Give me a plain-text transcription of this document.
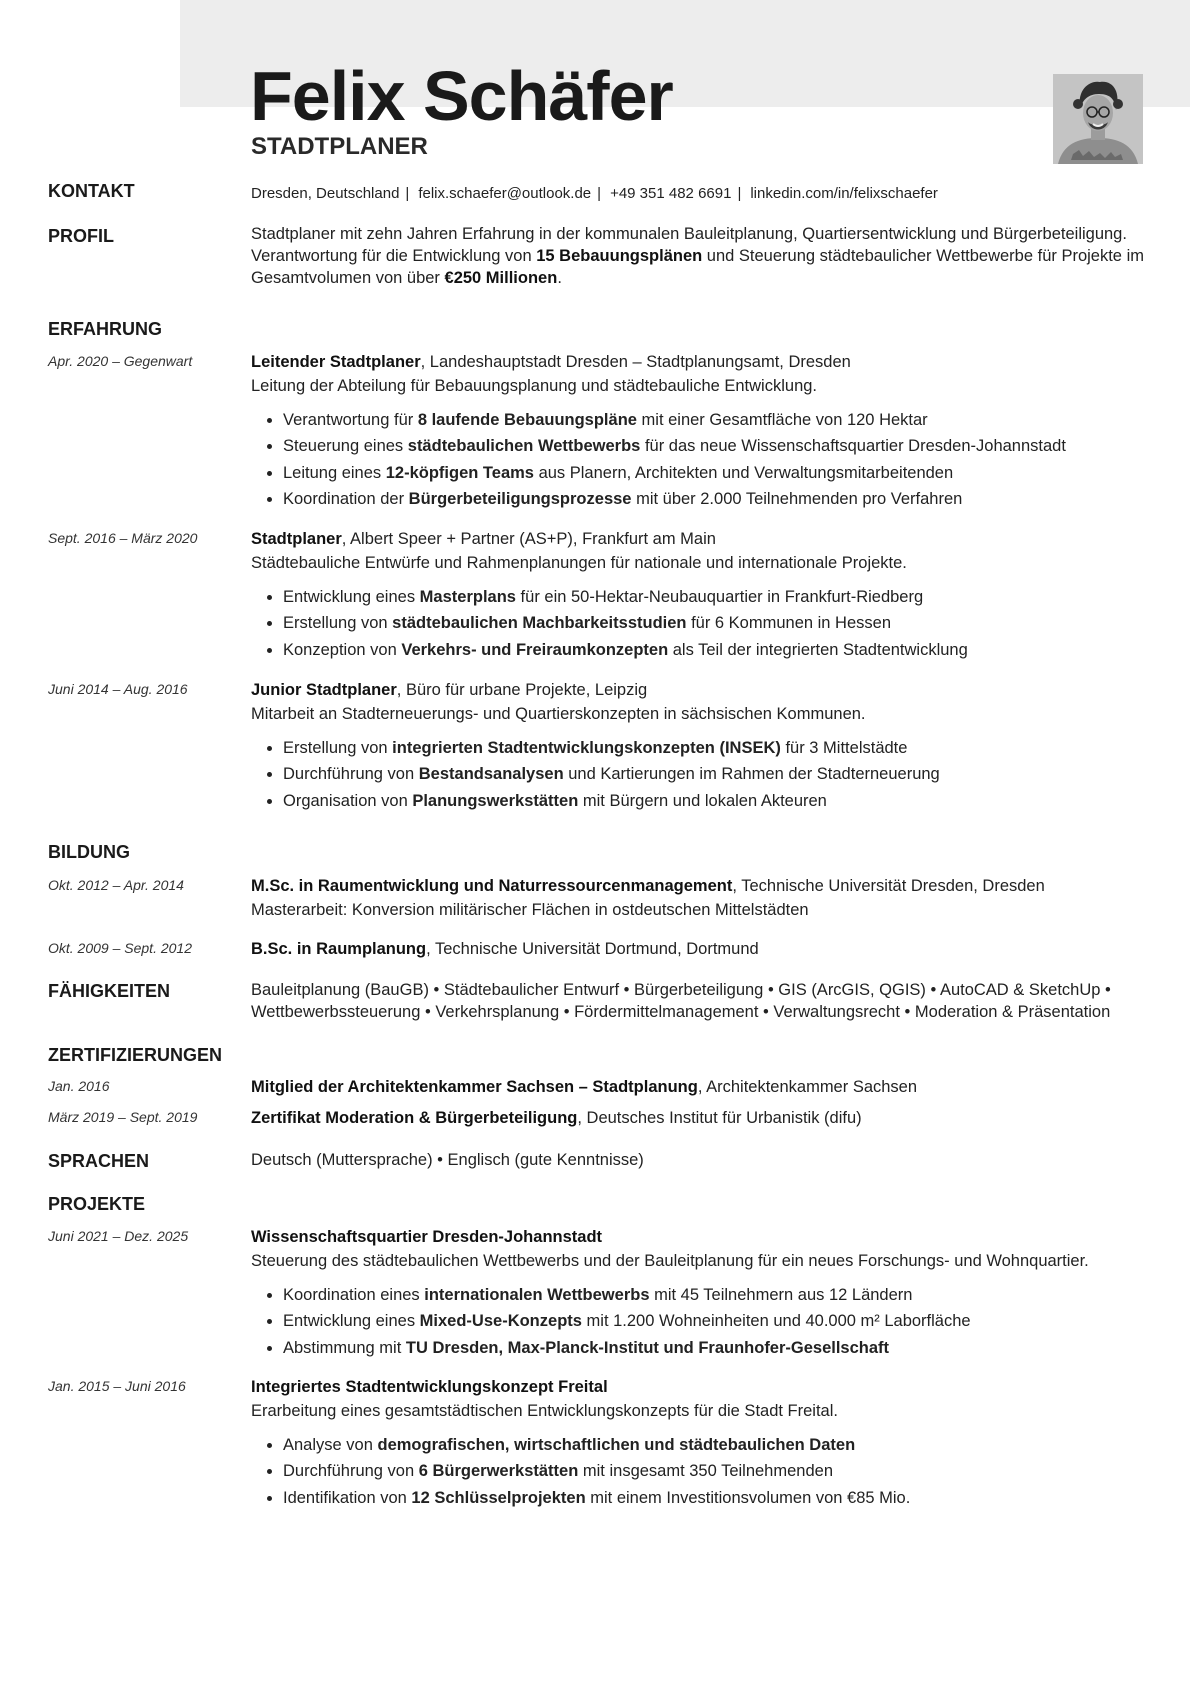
Felix Schäfer
STADTPLANER
KONTAKT	Dresden, Deutschland | felix.schaefer@outlook.de | +49 351 482 6691 | linkedin.com/in/felixschaefer
PROFIL	Stadtplaner mit zehn Jahren Erfahrung in der kommunalen Bauleitplanung, Quartiersentwicklung und Bürgerbeteiligung. Verantwortung für die Entwicklung von 15 Bebauungsplänen und Steuerung städtebaulicher Wettbewerbe für Projekte im Gesamtvolumen von über €250 Millionen.
ERFAHRUNG
Apr. 2020 – Gegenwart	Leitender Stadtplaner, Landeshauptstadt Dresden – Stadtplanungsamt, Dresden
Leitung der Abteilung für Bebauungsplanung und städtebauliche Entwicklung.
• Verantwortung für 8 laufende Bebauungspläne mit einer Gesamtfläche von 120 Hektar
• Steuerung eines städtebaulichen Wettbewerbs für das neue Wissenschaftsquartier Dresden-Johannstadt
• Leitung eines 12-köpfigen Teams aus Planern, Architekten und Verwaltungsmitarbeitenden
• Koordination der Bürgerbeteiligungsprozesse mit über 2.000 Teilnehmenden pro Verfahren
Sept. 2016 – März 2020	Stadtplaner, Albert Speer + Partner (AS+P), Frankfurt am Main
Städtebauliche Entwürfe und Rahmenplanungen für nationale und internationale Projekte.
• Entwicklung eines Masterplans für ein 50-Hektar-Neubauquartier in Frankfurt-Riedberg
• Erstellung von städtebaulichen Machbarkeitsstudien für 6 Kommunen in Hessen
• Konzeption von Verkehrs- und Freiraumkonzepten als Teil der integrierten Stadtentwicklung
Juni 2014 – Aug. 2016	Junior Stadtplaner, Büro für urbane Projekte, Leipzig
Mitarbeit an Stadterneuerungs- und Quartierskonzepten in sächsischen Kommunen.
• Erstellung von integrierten Stadtentwicklungskonzepten (INSEK) für 3 Mittelstädte
• Durchführung von Bestandsanalysen und Kartierungen im Rahmen der Stadterneuerung
• Organisation von Planungswerkstätten mit Bürgern und lokalen Akteuren
BILDUNG
Okt. 2012 – Apr. 2014	M.Sc. in Raumentwicklung und Naturressourcenmanagement, Technische Universität Dresden, Dresden
Masterarbeit: Konversion militärischer Flächen in ostdeutschen Mittelstädten
Okt. 2009 – Sept. 2012	B.Sc. in Raumplanung, Technische Universität Dortmund, Dortmund
FÄHIGKEITEN	Bauleitplanung (BauGB) • Städtebaulicher Entwurf • Bürgerbeteiligung • GIS (ArcGIS, QGIS) • AutoCAD & SketchUp •
Wettbewerbssteuerung • Verkehrsplanung • Fördermittelmanagement • Verwaltungsrecht • Moderation & Präsentation
ZERTIFIZIERUNGEN
Jan. 2016	Mitglied der Architektenkammer Sachsen – Stadtplanung, Architektenkammer Sachsen
März 2019 – Sept. 2019	Zertifikat Moderation & Bürgerbeteiligung, Deutsches Institut für Urbanistik (difu)
SPRACHEN	Deutsch (Muttersprache) • Englisch (gute Kenntnisse)
PROJEKTE
Juni 2021 – Dez. 2025	Wissenschaftsquartier Dresden-Johannstadt
Steuerung des städtebaulichen Wettbewerbs und der Bauleitplanung für ein neues Forschungs- und Wohnquartier.
• Koordination eines internationalen Wettbewerbs mit 45 Teilnehmern aus 12 Ländern
• Entwicklung eines Mixed-Use-Konzepts mit 1.200 Wohneinheiten und 40.000 m² Laborfläche
• Abstimmung mit TU Dresden, Max-Planck-Institut und Fraunhofer-Gesellschaft
Jan. 2015 – Juni 2016	Integriertes Stadtentwicklungskonzept Freital
Erarbeitung eines gesamtstädtischen Entwicklungskonzepts für die Stadt Freital.
• Analyse von demografischen, wirtschaftlichen und städtebaulichen Daten
• Durchführung von 6 Bürgerwerkstätten mit insgesamt 350 Teilnehmenden
• Identifikation von 12 Schlüsselprojekten mit einem Investitionsvolumen von €85 Mio.
